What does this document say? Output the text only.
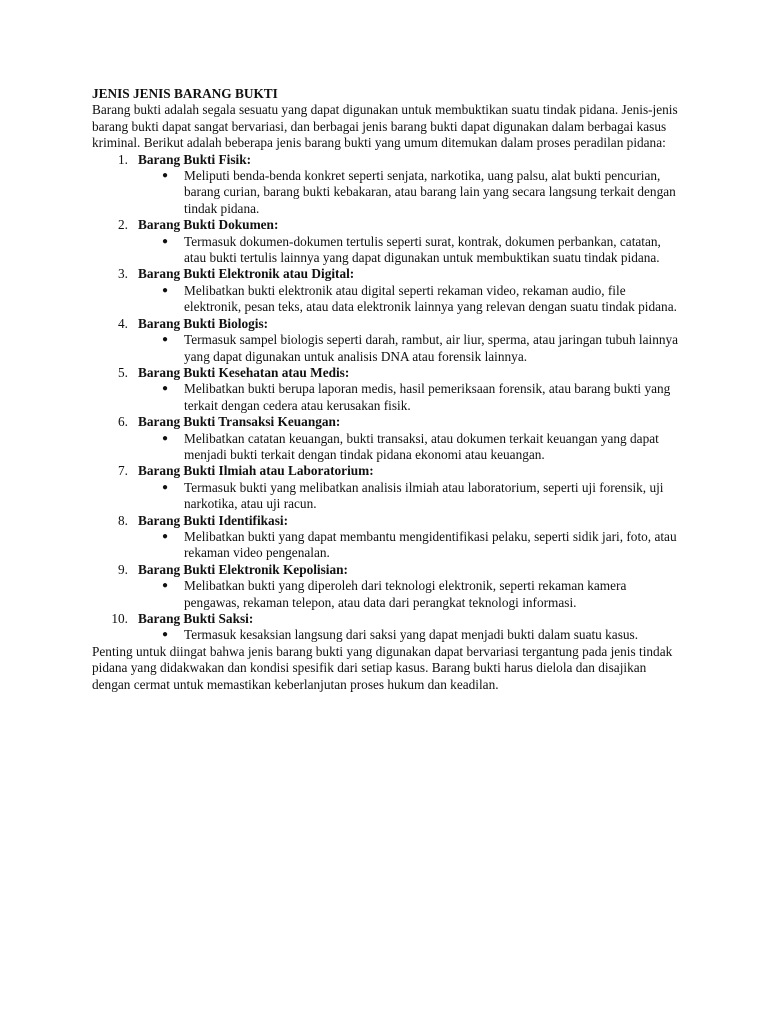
JENIS JENIS BARANG BUKTI

Barang bukti adalah segala sesuatu yang dapat digunakan untuk membuktikan suatu tindak pidana. Jenis-jenis barang bukti dapat sangat bervariasi, dan berbagai jenis barang bukti dapat digunakan dalam berbagai kasus kriminal. Berikut adalah beberapa jenis barang bukti yang umum ditemukan dalam proses peradilan pidana:

1. Barang Bukti Fisik:
● Meliputi benda-benda konkret seperti senjata, narkotika, uang palsu, alat bukti pencurian, barang curian, barang bukti kebakaran, atau barang lain yang secara langsung terkait dengan tindak pidana.
2. Barang Bukti Dokumen:
● Termasuk dokumen-dokumen tertulis seperti surat, kontrak, dokumen perbankan, catatan, atau bukti tertulis lainnya yang dapat digunakan untuk membuktikan suatu tindak pidana.
3. Barang Bukti Elektronik atau Digital:
● Melibatkan bukti elektronik atau digital seperti rekaman video, rekaman audio, file elektronik, pesan teks, atau data elektronik lainnya yang relevan dengan suatu tindak pidana.
4. Barang Bukti Biologis:
● Termasuk sampel biologis seperti darah, rambut, air liur, sperma, atau jaringan tubuh lainnya yang dapat digunakan untuk analisis DNA atau forensik lainnya.
5. Barang Bukti Kesehatan atau Medis:
● Melibatkan bukti berupa laporan medis, hasil pemeriksaan forensik, atau barang bukti yang terkait dengan cedera atau kerusakan fisik.
6. Barang Bukti Transaksi Keuangan:
● Melibatkan catatan keuangan, bukti transaksi, atau dokumen terkait keuangan yang dapat menjadi bukti terkait dengan tindak pidana ekonomi atau keuangan.
7. Barang Bukti Ilmiah atau Laboratorium:
● Termasuk bukti yang melibatkan analisis ilmiah atau laboratorium, seperti uji forensik, uji narkotika, atau uji racun.
8. Barang Bukti Identifikasi:
● Melibatkan bukti yang dapat membantu mengidentifikasi pelaku, seperti sidik jari, foto, atau rekaman video pengenalan.
9. Barang Bukti Elektronik Kepolisian:
● Melibatkan bukti yang diperoleh dari teknologi elektronik, seperti rekaman kamera pengawas, rekaman telepon, atau data dari perangkat teknologi informasi.
10. Barang Bukti Saksi:
● Termasuk kesaksian langsung dari saksi yang dapat menjadi bukti dalam suatu kasus.

Penting untuk diingat bahwa jenis barang bukti yang digunakan dapat bervariasi tergantung pada jenis tindak pidana yang didakwakan dan kondisi spesifik dari setiap kasus. Barang bukti harus dielola dan disajikan dengan cermat untuk memastikan keberlanjutan proses hukum dan keadilan.
